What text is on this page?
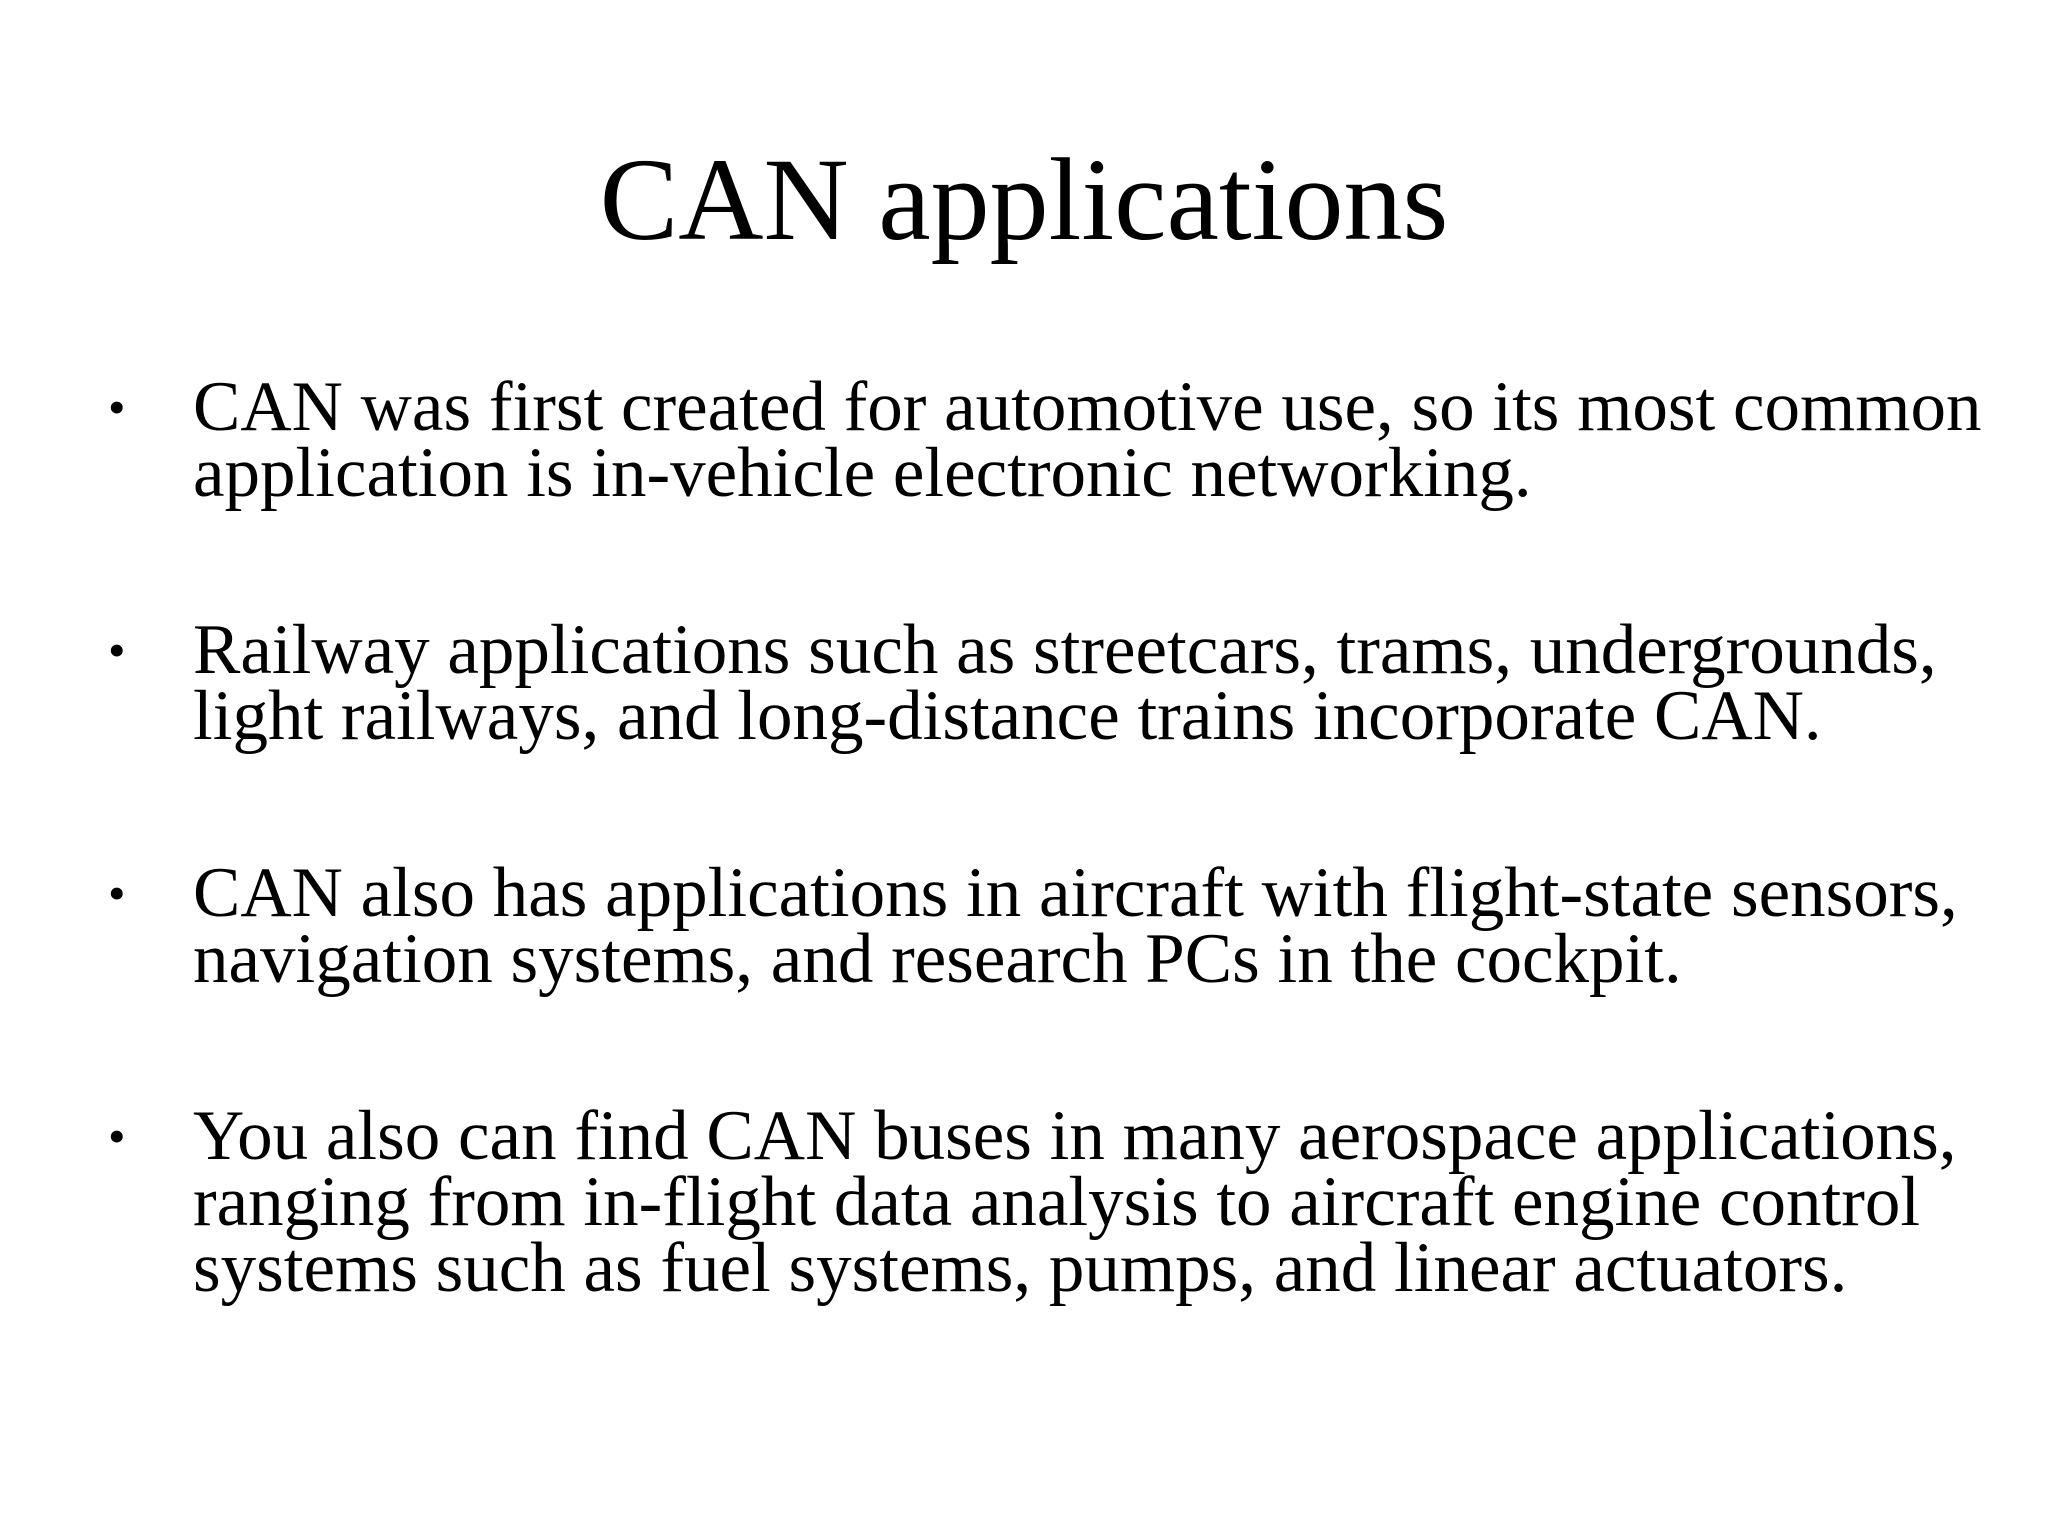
CAN applications
• CAN was first created for automotive use, so its most common
application is in-vehicle electronic networking.
• Railway applications such as streetcars, trams, undergrounds,
light railways, and long-distance trains incorporate CAN.
• CAN also has applications in aircraft with flight-state sensors,
navigation systems, and research PCs in the cockpit.
• You also can find CAN buses in many aerospace applications,
ranging from in-flight data analysis to aircraft engine control
systems such as fuel systems, pumps, and linear actuators.
